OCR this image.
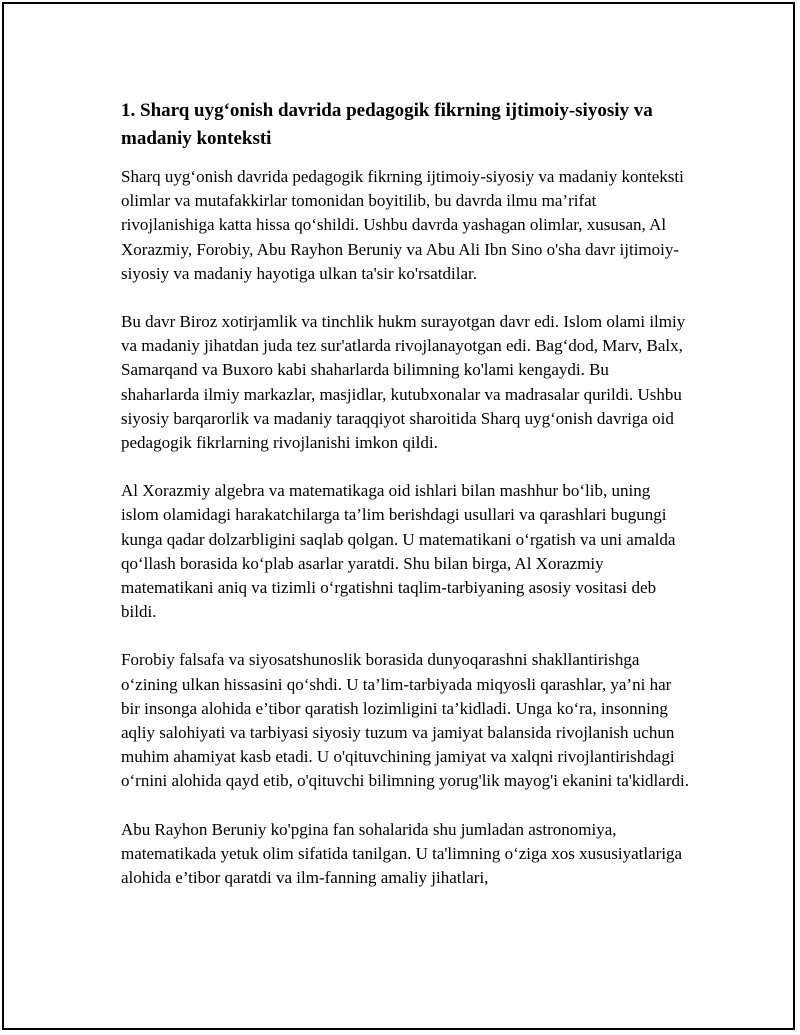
1. Sharq uyg‘onish davrida pedagogik fikrning ijtimoiy-siyosiy va madaniy konteksti

Sharq uyg‘onish davrida pedagogik fikrning ijtimoiy-siyosiy va madaniy konteksti olimlar va mutafakkirlar tomonidan boyitilib, bu davrda ilmu ma’rifat rivojlanishiga katta hissa qo‘shildi. Ushbu davrda yashagan olimlar, xususan, Al Xorazmiy, Forobiy, Abu Rayhon Beruniy va Abu Ali Ibn Sino o'sha davr ijtimoiy-siyosiy va madaniy hayotiga ulkan ta'sir ko'rsatdilar.

Bu davr Biroz xotirjamlik va tinchlik hukm surayotgan davr edi. Islom olami ilmiy va madaniy jihatdan juda tez sur'atlarda rivojlanayotgan edi. Bag‘dod, Marv, Balx, Samarqand va Buxoro kabi shaharlarda bilimning ko'lami kengaydi. Bu shaharlarda ilmiy markazlar, masjidlar, kutubxonalar va madrasalar qurildi. Ushbu siyosiy barqarorlik va madaniy taraqqiyot sharoitida Sharq uyg‘onish davriga oid pedagogik fikrlarning rivojlanishi imkon qildi.

Al Xorazmiy algebra va matematikaga oid ishlari bilan mashhur bo‘lib, uning islom olamidagi harakatchilarga ta’lim berishdagi usullari va qarashlari bugungi kunga qadar dolzarbligini saqlab qolgan. U matematikani o‘rgatish va uni amalda qo‘llash borasida ko‘plab asarlar yaratdi. Shu bilan birga, Al Xorazmiy matematikani aniq va tizimli o‘rgatishni taqlim-tarbiyaning asosiy vositasi deb bildi.

Forobiy falsafa va siyosatshunoslik borasida dunyoqarashni shakllantirishga o‘zining ulkan hissasini qo‘shdi. U ta’lim-tarbiyada miqyosli qarashlar, ya’ni har bir insonga alohida e’tibor qaratish lozimligini ta’kidladi. Unga ko‘ra, insonning aqliy salohiyati va tarbiyasi siyosiy tuzum va jamiyat balansida rivojlanish uchun muhim ahamiyat kasb etadi. U o'qituvchining jamiyat va xalqni rivojlantirishdagi o‘rnini alohida qayd etib, o'qituvchi bilimning yorug'lik mayog'i ekanini ta'kidlardi.

Abu Rayhon Beruniy ko'pgina fan sohalarida shu jumladan astronomiya, matematikada yetuk olim sifatida tanilgan. U ta'limning o‘ziga xos xususiyatlariga alohida e’tibor qaratdi va ilm-fanning amaliy jihatlari,
